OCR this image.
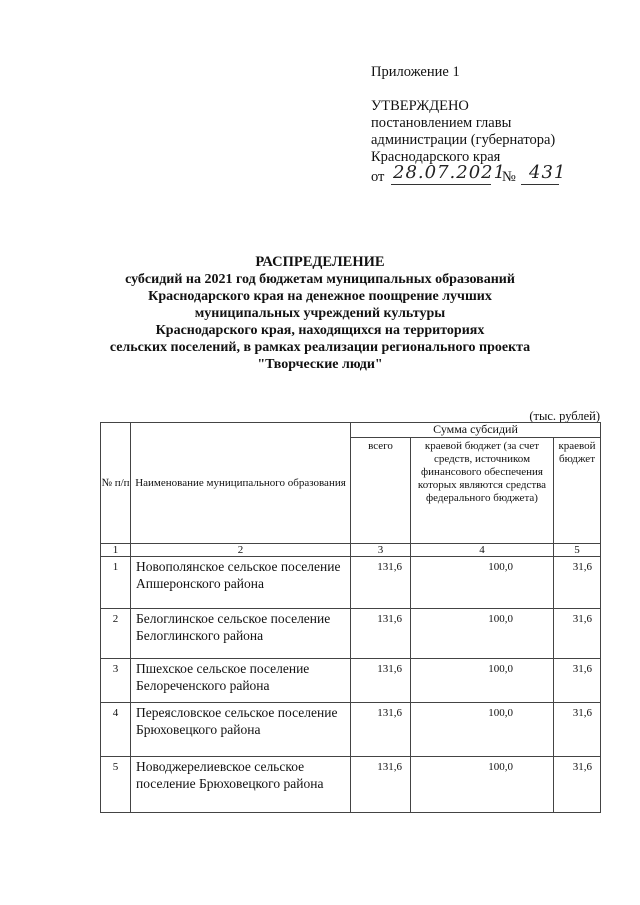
Приложение 1
УТВЕРЖДЕНО
постановлением главы
администрации (губернатора)
Краснодарского края
от 28.07.2021
№ 431
РАСПРЕДЕЛЕНИЕ
субсидий на 2021 год бюджетам муниципальных образований
Краснодарского края на денежное поощрение лучших
муниципальных учреждений культуры
Краснодарского края, находящихся на территориях
сельских поселений, в рамках реализации регионального проекта
"Творческие люди"
(тыс. рублей)
№ п/п	Наименование муниципального образования	Сумма субсидий		
		всего	краевой бюджет (за счет средств, источником финансового обеспечения которых являются средства федерального бюджета)	краевой бюджет
1	2	3	4	5
1	Новополянское сельское поселение Апшеронского района	131,6	100,0	31,6
2	Белоглинское сельское поселение Белоглинского района	131,6	100,0	31,6
3	Пшехское сельское поселение Белореченского района	131,6	100,0	31,6
4	Переясловское сельское поселение Брюховецкого района	131,6	100,0	31,6
5	Новоджерелиевское сельское поселение Брюховецкого района	131,6	100,0	31,6
